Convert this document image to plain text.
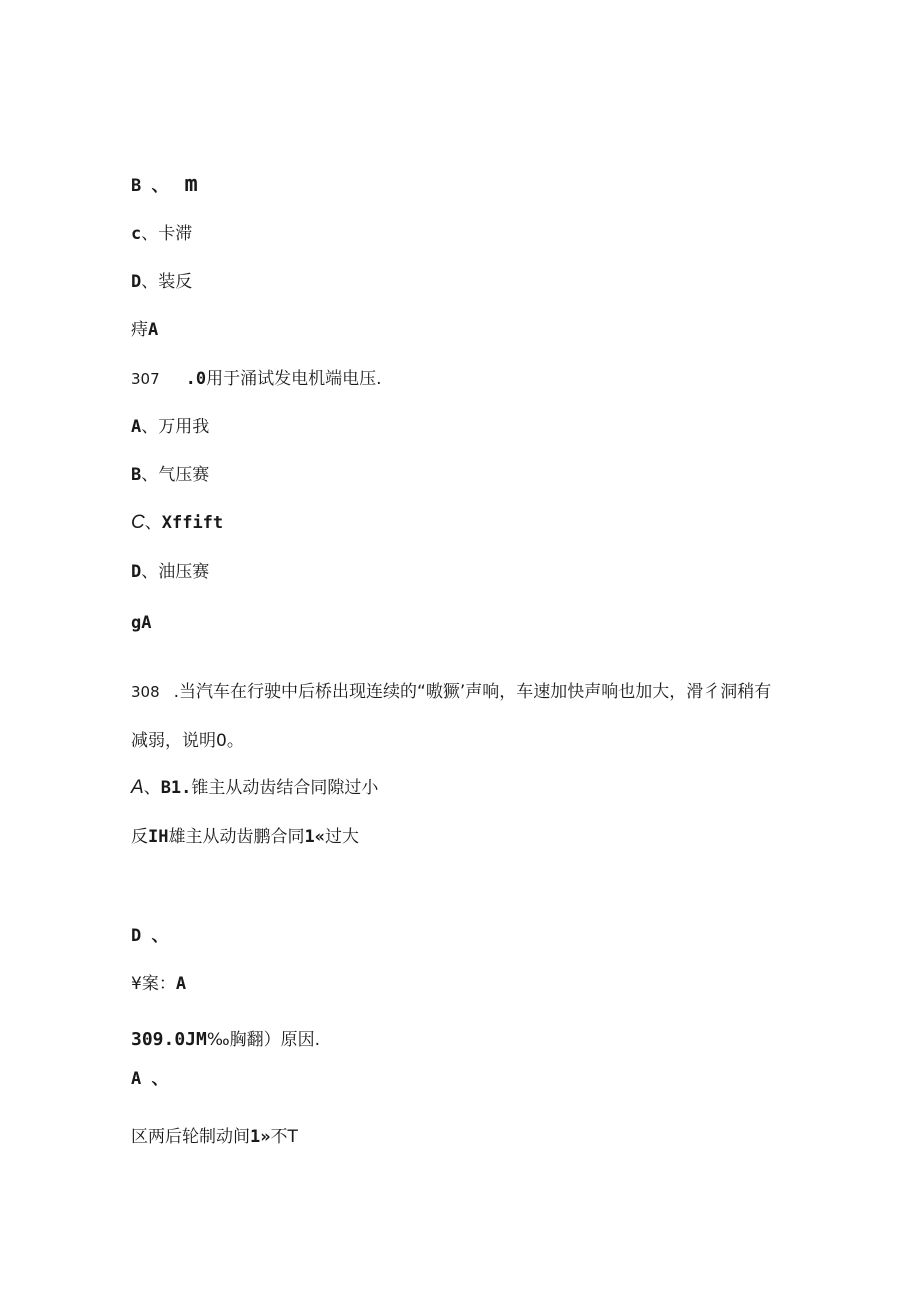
B 、 m
c、卡滞
D、装反
痔A
307 .0用于涌试发电机端电压.
A、万用我
B、气压赛
C、Xffift
D、油压赛
gA
308 .当汽车在行驶中后桥出现连续的“嗷獗’声响，车速加快声响也加大，滑彳洞稍有
减弱，说明0。
A、B1.锥主从动齿结合同隙过小
反IH雄主从动齿鹏合同1«过大
D 、
¥案：A
309.0JM‰胸翻）原因.
A 、
区两后轮制动间1»不T
